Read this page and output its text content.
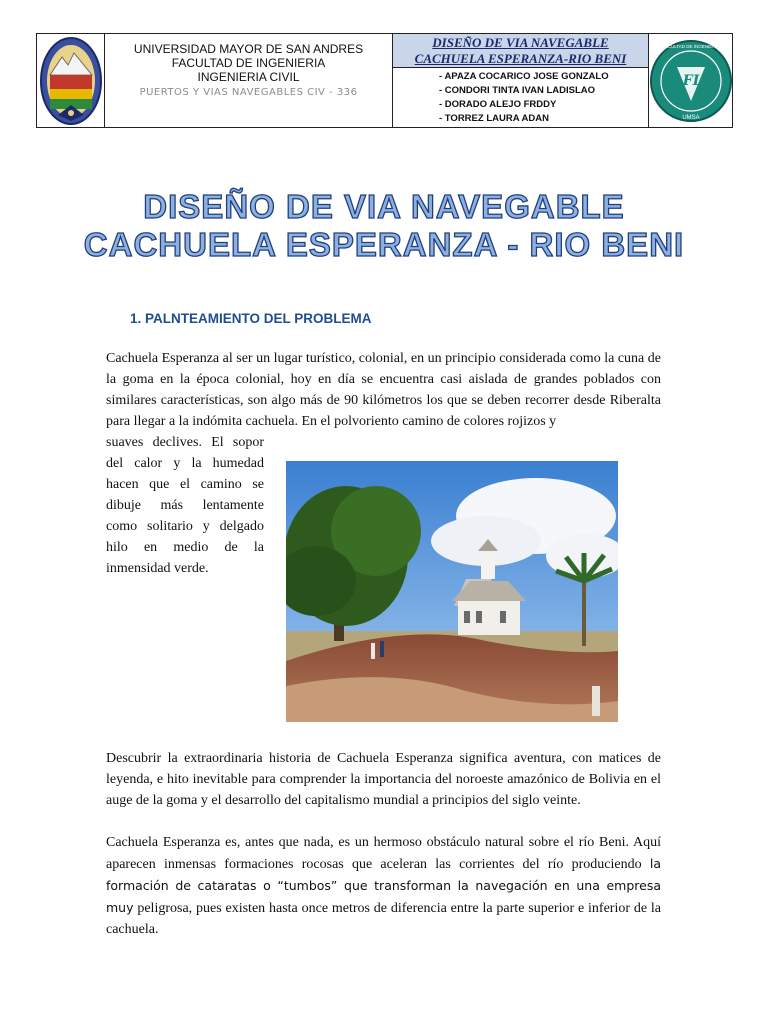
UNIVERSIDAD MAYOR DE SAN ANDRES
FACULTAD DE INGENIERIA
INGENIERIA CIVIL
PUERTOS Y VIAS NAVEGABLES CIV - 336
DISEÑO DE VIA NAVEGABLE
CACHUELA ESPERANZA-RIO BENI
- APAZA COCARICO JOSE GONZALO
- CONDORI TINTA IVAN LADISLAO
- DORADO ALEJO FRDDY
- TORREZ LAURA ADAN
FI
UMSA
FACULTAD DE INGENIERIA
DISEÑO DE VIA NAVEGABLE
CACHUELA ESPERANZA - RIO BENI
1. PALNTEAMIENTO DEL PROBLEMA
Cachuela Esperanza al ser un lugar turístico, colonial, en un principio considerada como la cuna de la goma en la época colonial, hoy en día se encuentra casi aislada de grandes poblados con similares características, son algo más de 90 kilómetros los que se deben recorrer desde Riberalta para llegar a la indómita cachuela. En el polvoriento camino de colores rojizos y
suaves declives. El sopor del calor y la humedad hacen que el camino se dibuje más lentamente como solitario y delgado hilo en medio de la inmensidad verde.
Descubrir la extraordinaria historia de Cachuela Esperanza significa aventura, con matices de leyenda, e hito inevitable para comprender la importancia del noroeste amazónico de Bolivia en el auge de la goma y el desarrollo del capitalismo mundial a principios del siglo veinte.
Cachuela Esperanza es, antes que nada, es un hermoso obstáculo natural sobre el río Beni. Aquí aparecen inmensas formaciones rocosas que aceleran las corrientes del río produciendo la formación de cataratas o “tumbos” que transforman la navegación en una empresa muy peligrosa, pues existen hasta once metros de diferencia entre la parte superior e inferior de la cachuela.
